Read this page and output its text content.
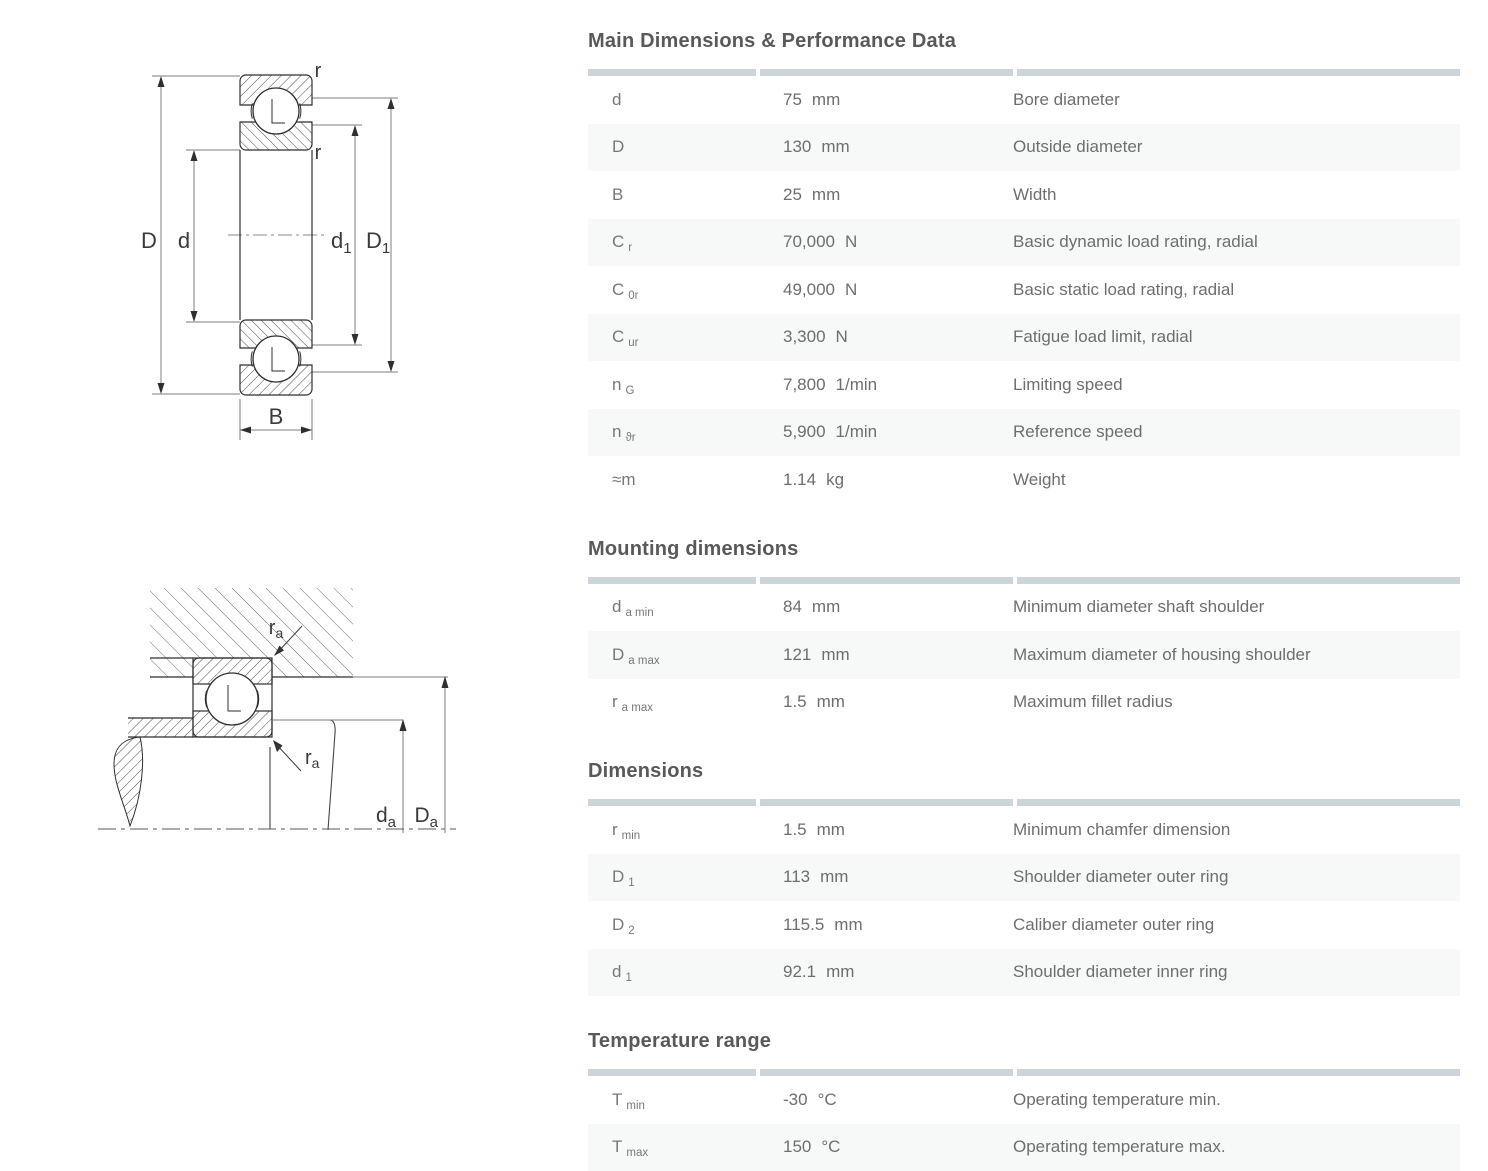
r
r
D d	$d_1$ $D_1$
B
$r_a$
$r_a$
$d_a$ $D_a$
Main Dimensions & Performance Data
d	75 mm	Bore diameter
D	130 mm	Outside diameter
B	25 mm	Width
C $_r$	70,000 N	Basic dynamic load rating, radial
C $_{0r}$	49,000 N	Basic static load rating, radial
C $_{ur}$	3,300 N	Fatigue load limit, radial
n $_G$	7,800 1/min	Limiting speed
n $_{ϑr}$	5,900 1/min	Reference speed
≈m	1.14 kg	Weight
Mounting dimensions
d $_{a min}$	84 mm	Minimum diameter shaft shoulder
D $_{a max}$	121 mm	Maximum diameter of housing shoulder
r $_{a max}$	1.5 mm	Maximum fillet radius
Dimensions
r $_{min}$	1.5 mm	Minimum chamfer dimension
D $_1$	113 mm	Shoulder diameter outer ring
D $_2$	115.5 mm	Caliber diameter outer ring
d $_1$	92.1 mm	Shoulder diameter inner ring
Temperature range
T $_{min}$	-30 °C	Operating temperature min.
T $_{max}$	150 °C	Operating temperature max.
